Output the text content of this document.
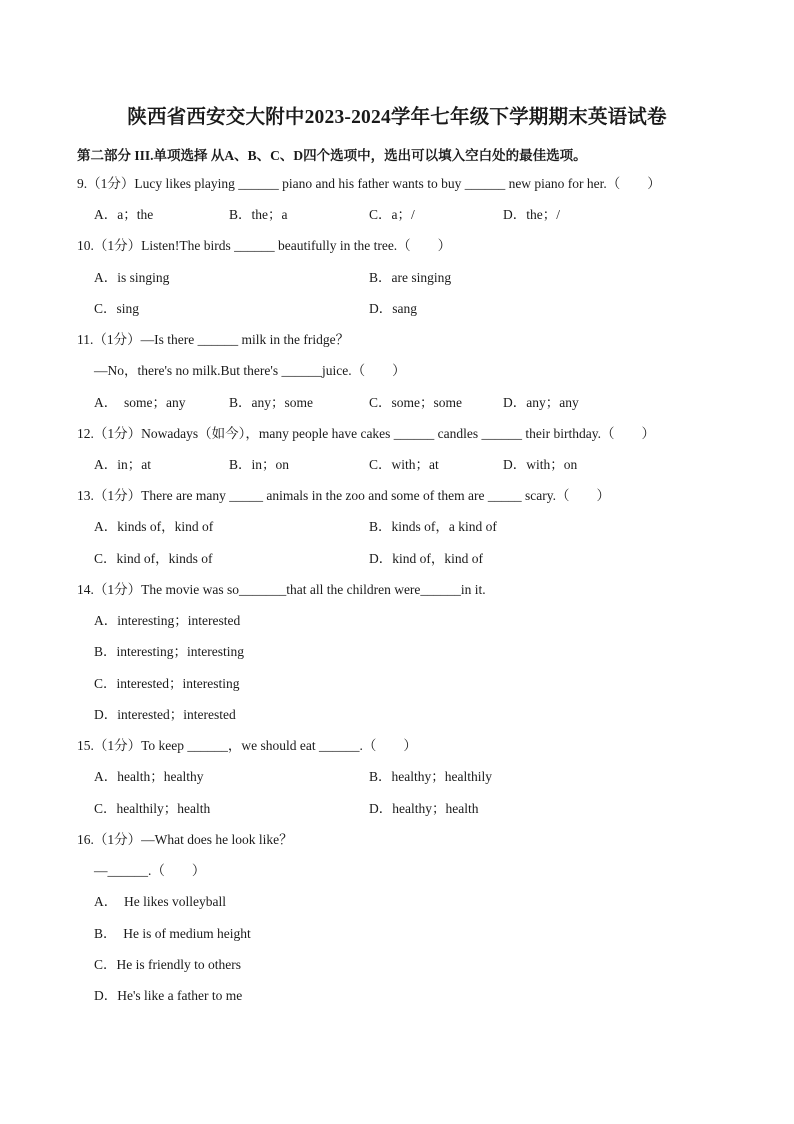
陕西省西安交大附中2023-2024学年七年级下学期期末英语试卷
第二部分 III.单项选择 从A、B、C、D四个选项中，选出可以填入空白处的最佳选项。
9.（1分）Lucy likes playing ______ piano and his father wants to buy ______ new piano for her.（　　）
A．a；the	B．the；a	C．a；/	D．the；/
10.（1分）Listen!The birds ______ beautifully in the tree.（　　）
A．is singing	B．are singing
C．sing	D．sang
11.（1分）—Is there ______ milk in the fridge？
—No，there's no milk.But there's ______juice.（　　）
A．  some；any	B．any；some	C．some；some	D．any；any
12.（1分）Nowadays（如今），many people have cakes ______ candles ______ their birthday.（　　）
A．in；at	B．in；on	C．with；at	D．with；on
13.（1分）There are many _____ animals in the zoo and some of them are _____ scary.（　　）
A．kinds of，kind of	B．kinds of，a kind of
C．kind of，kinds of	D．kind of，kind of
14.（1分）The movie was so_______that all the children were______in it.
A．interesting；interested
B．interesting；interesting
C．interested；interesting
D．interested；interested
15.（1分）To keep ______，we should eat ______.（　　）
A．health；healthy	B．healthy；healthily
C．healthily；health	D．healthy；health
16.（1分）—What does he look like？
—______.（　　）
A．  He likes volleyball
B．  He is of medium height
C．He is friendly to others
D．He's like a father to me
